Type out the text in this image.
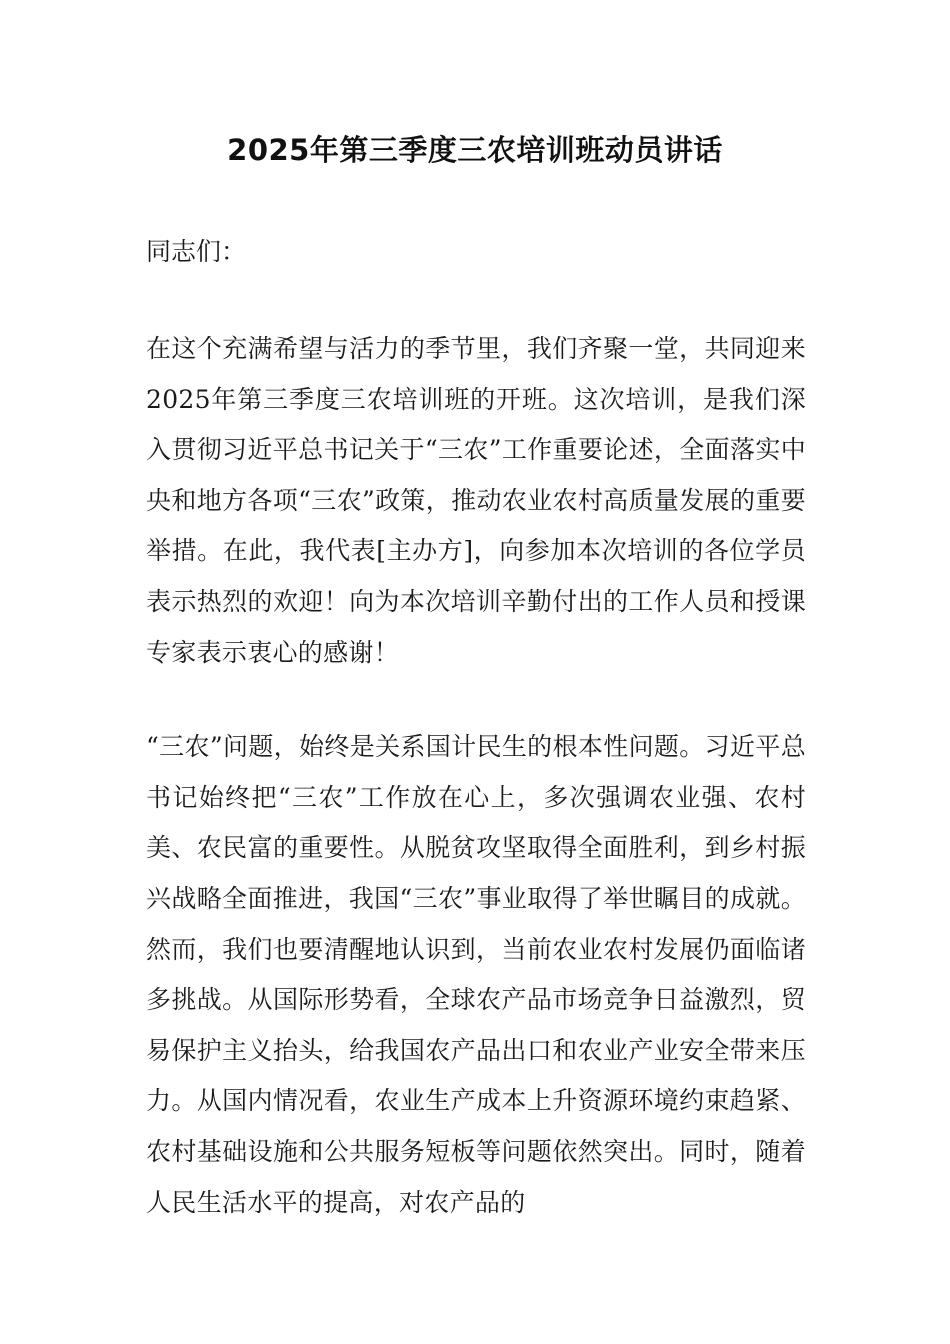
2025年第三季度三农培训班动员讲话

同志们：

在这个充满希望与活力的季节里，我们齐聚一堂，共同迎来2025年第三季度三农培训班的开班。这次培训，是我们深入贯彻习近平总书记关于“三农”工作重要论述，全面落实中央和地方各项“三农”政策，推动农业农村高质量发展的重要举措。在此，我代表[主办方]，向参加本次培训的各位学员表示热烈的欢迎！向为本次培训辛勤付出的工作人员和授课专家表示衷心的感谢！

“三农”问题，始终是关系国计民生的根本性问题。习近平总书记始终把“三农”工作放在心上，多次强调农业强、农村美、农民富的重要性。从脱贫攻坚取得全面胜利，到乡村振兴战略全面推进，我国“三农”事业取得了举世瞩目的成就。然而，我们也要清醒地认识到，当前农业农村发展仍面临诸多挑战。从国际形势看，全球农产品市场竞争日益激烈，贸易保护主义抬头，给我国农产品出口和农业产业安全带来压力。从国内情况看，农业生产成本上升资源环境约束趋紧、农村基础设施和公共服务短板等问题依然突出。同时，随着人民生活水平的提高，对农产品的
